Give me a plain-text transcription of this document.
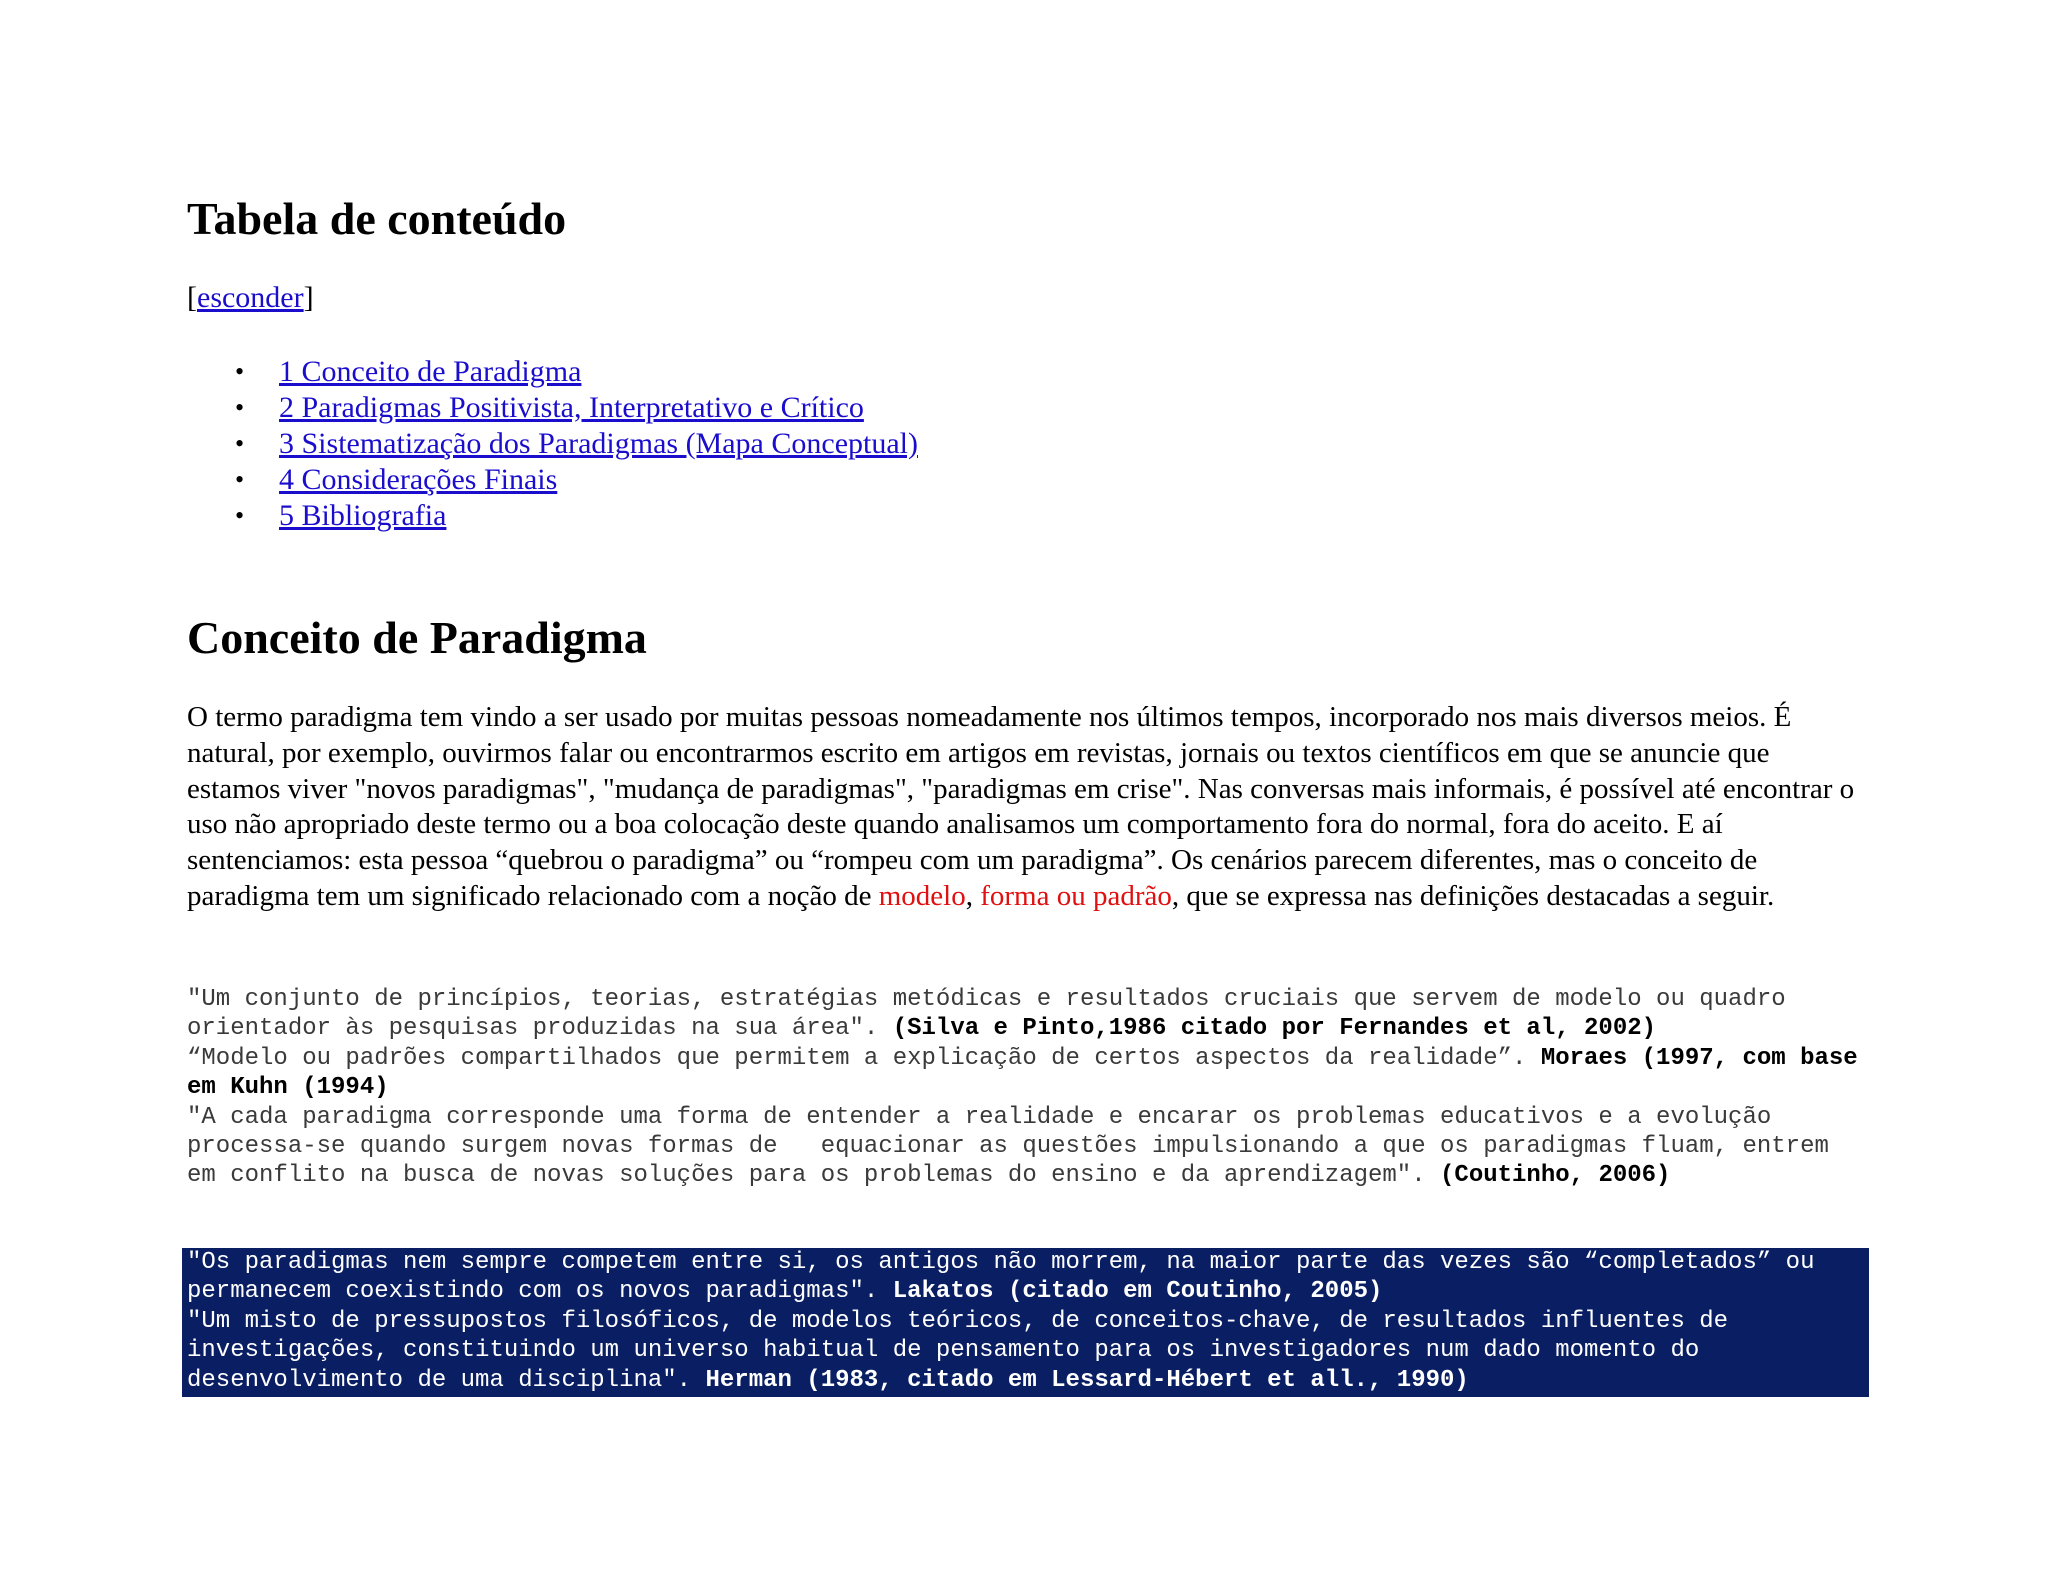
Tabela de conteúdo
[esconder]
• 1 Conceito de Paradigma
• 2 Paradigmas Positivista, Interpretativo e Crítico
• 3 Sistematização dos Paradigmas (Mapa Conceptual)
• 4 Considerações Finais
• 5 Bibliografia
Conceito de Paradigma

O termo paradigma tem vindo a ser usado por muitas pessoas nomeadamente nos últimos tempos, incorporado nos mais diversos meios. É natural, por exemplo, ouvirmos falar ou encontrarmos escrito em artigos em revistas, jornais ou textos científicos em que se anuncie que estamos viver "novos paradigmas", "mudança de paradigmas", "paradigmas em crise". Nas conversas mais informais, é possível até encontrar o uso não apropriado deste termo ou a boa colocação deste quando analisamos um comportamento fora do normal, fora do aceito. E aí sentenciamos: esta pessoa “quebrou o paradigma” ou “rompeu com um paradigma”. Os cenários parecem diferentes, mas o conceito de paradigma tem um significado relacionado com a noção de modelo, forma ou padrão, que se expressa nas definições destacadas a seguir.

"Um conjunto de princípios, teorias, estratégias metódicas e resultados cruciais que servem de modelo ou quadro orientador às pesquisas produzidas na sua área". (Silva e Pinto,1986 citado por Fernandes et al, 2002)

“Modelo ou padrões compartilhados que permitem a explicação de certos aspectos da realidade”. Moraes (1997, com base em Kuhn (1994)

"A cada paradigma corresponde uma forma de entender a realidade e encarar os problemas educativos e a evolução processa-se quando surgem novas formas de   equacionar as questões impulsionando a que os paradigmas fluam, entrem em conflito na busca de novas soluções para os problemas do ensino e da aprendizagem". (Coutinho, 2006)

"Os paradigmas nem sempre competem entre si, os antigos não morrem, na maior parte das vezes são “completados” ou permanecem coexistindo com os novos paradigmas". Lakatos (citado em Coutinho, 2005)

"Um misto de pressupostos filosóficos, de modelos teóricos, de conceitos-chave, de resultados influentes de investigações, constituindo um universo habitual de pensamento para os investigadores num dado momento do desenvolvimento de uma disciplina". Herman (1983, citado em Lessard-Hébert et all., 1990)
